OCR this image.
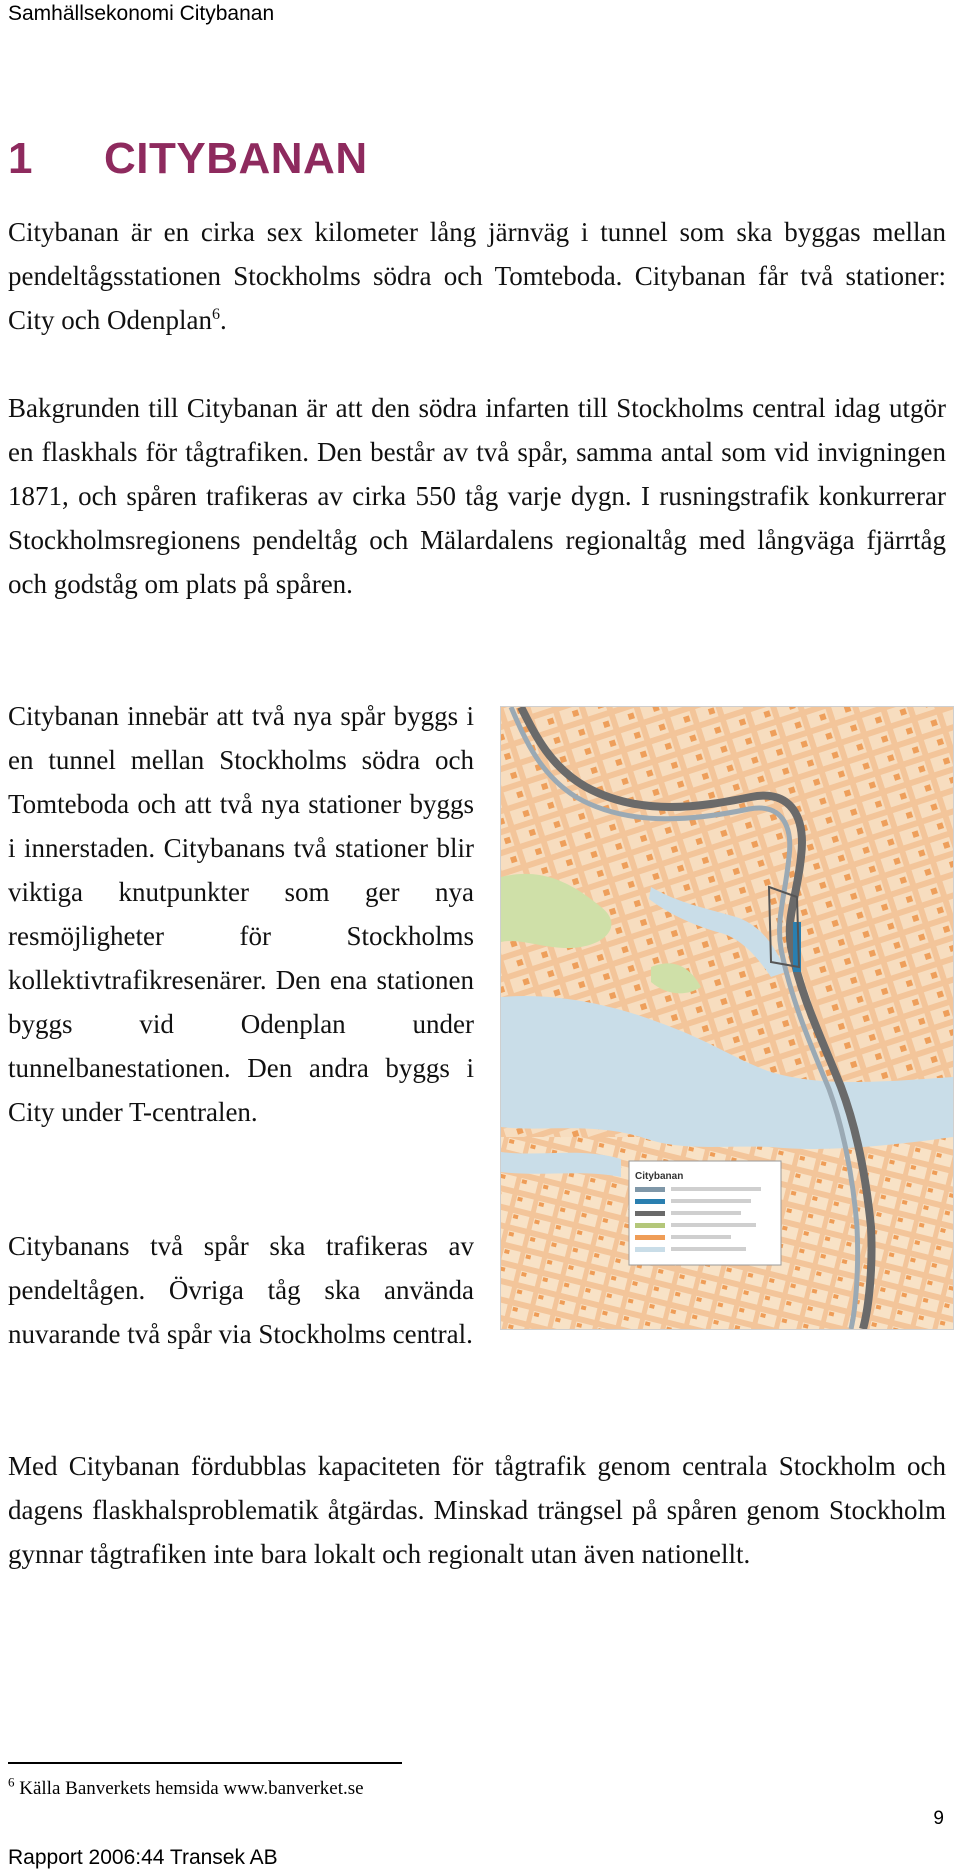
Samhällsekonomi Citybanan
1 CITYBANAN

Citybanan är en cirka sex kilometer lång järnväg i tunnel som ska byggas mellan pendeltågsstationen Stockholms södra och Tomteboda. Citybanan får två stationer: City och Odenplan$^6$.

Bakgrunden till Citybanan är att den södra infarten till Stockholms central idag utgör en flaskhals för tågtrafiken. Den består av två spår, samma antal som vid invigningen 1871, och spåren trafikeras av cirka 550 tåg varje dygn. I rusningstrafik konkurrerar Stockholmsregionens pendeltåg och Mälardalens regionaltåg med långväga fjärrtåg och godståg om plats på spåren.

Citybanan innebär att två nya spår byggs i en tunnel mellan Stockholms södra och Tomteboda och att två nya stationer byggs i innerstaden. Citybanans två stationer blir viktiga knutpunkter som ger nya resmöjligheter för Stockholms kollektivtrafikresenärer. Den ena stationen byggs vid Odenplan under tunnelbanestationen. Den andra byggs i City under T-centralen.

Citybanans två spår ska trafikeras av pendeltågen. Övriga tåg ska använda nuvarande två spår via Stockholms central.

Med Citybanan fördubblas kapaciteten för tågtrafik genom centrala Stockholm och dagens flaskhalsproblematik åtgärdas. Minskad trängsel på spåren genom Stockholm gynnar tågtrafiken inte bara lokalt och regionalt utan även nationellt.

Citybanan
$^6$ Källa Banverkets hemsida www.banverket.se
9
Rapport 2006:44 Transek AB
